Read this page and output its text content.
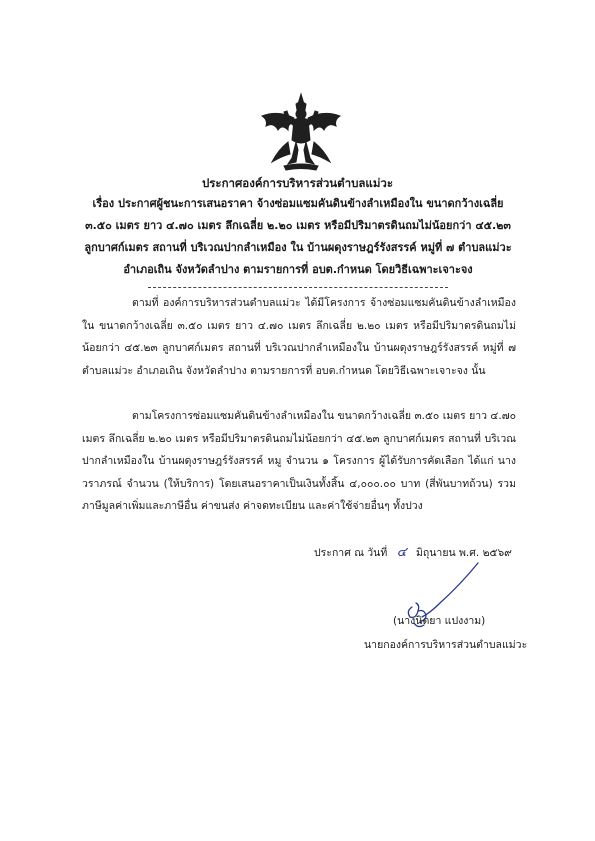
ประกาศองค์การบริหารส่วนตำบลแม่วะ

เรื่อง ประกาศผู้ชนะการเสนอราคา จ้างซ่อมแซมคันดินข้างลำเหมืองใน ขนาดกว้างเฉลี่ย ๓.๕๐ เมตร ยาว ๔.๗๐ เมตร ลึกเฉลี่ย ๒.๒๐ เมตร หรือมีปริมาตรดินถมไม่น้อยกว่า ๔๕.๒๓ ลูกบาศก์เมตร สถานที่ บริเวณปากลำเหมือง ใน บ้านผดุงราษฎร์รังสรรค์ หมู่ที่ ๗ ตำบลแม่วะ อำเภอเถิน จังหวัดลำปาง ตามรายการที่ อบต.ก๋าหนด โดยวิธีเฉพาะเจาะจง

ตามที่ องค์การบริหารส่วนตำบลแม่วะ ได้มีโครงการ จ้างซ่อมแซมคันดินข้างลำเหมืองใน ขนาดกว้างเฉลี่ย ๓.๕๐ เมตร ยาว ๔.๗๐ เมตร ลึกเฉลี่ย ๒.๒๐ เมตร หรือมีปริมาตรดินถมไม่น้อยกว่า ๔๕.๒๓ ลูกบาศก์เมตร สถานที่ บริเวณปากลำเหมืองใน บ้านผดุงราษฎร์รังสรรค์ หมู่ที่ ๗ ตำบลแม่วะ อำเภอเถิน จังหวัดลำปาง ตามรายการที่ อบต.ก๋าหนด โดยวิธีเฉพาะเจาะจง นั้น

ตามโครงการซ่อมแซมคันดินข้างลำเหมืองใน ขนาดกว้างเฉลี่ย ๓.๕๐ เมตร ยาว ๔.๗๐ เมตร ลึกเฉลี่ย ๒.๒๐ เมตร หรือมีปริมาตรดินถมไม่น้อยกว่า ๔๕.๒๓ ลูกบาศก์เมตร สถานที่ บริเวณปากลำเหมืองใน บ้านผดุงราษฎร์รังสรรค์ หมู จำนวน ๑ โครงการ ผู้ได้รับการคัดเลือก ได้แก่ นาง วราภรณ์ จำนวน (ให้บริการ) โดยเสนอราคาเป็นเงินทั้งสิ้น ๔,๐๐๐.๐๐ บาท (สี่พันบาทถ้วน) รวมภาษีมูลค่าเพิ่มและภาษีอื่น ค่าขนส่ง ค่าจดทะเบียน และค่าใช้จ่ายอื่นๆ ทั้งปวง

ประกาศ ณ วันที่ ๔ มิถุนายน พ.ศ. ๒๕๖๙
(นางนิตยา แปงงาม)
นายกองค์การบริหารส่วนตำบลแม่วะ
